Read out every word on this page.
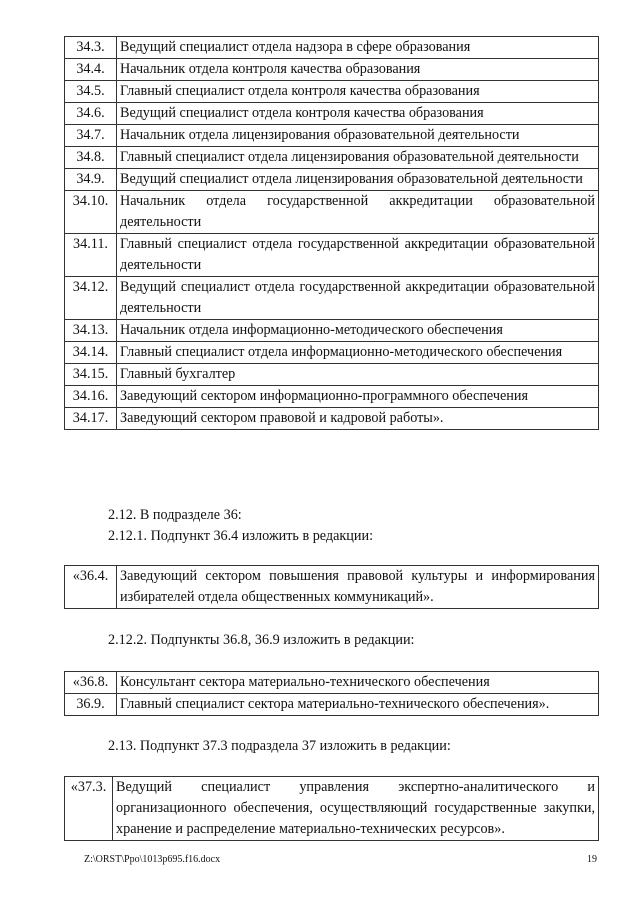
34.3.	Ведущий специалист отдела надзора в сфере образования
34.4.	Начальник отдела контроля качества образования
34.5.	Главный специалист отдела контроля качества образования
34.6.	Ведущий специалист отдела контроля качества образования
34.7.	Начальник отдела лицензирования образовательной деятельности
34.8.	Главный специалист отдела лицензирования образовательной деятельности
34.9.	Ведущий специалист отдела лицензирования образовательной деятельности
34.10.	Начальник отдела государственной аккредитации образовательной деятельности
34.11.	Главный специалист отдела государственной аккредитации образовательной деятельности
34.12.	Ведущий специалист отдела государственной аккредитации образовательной деятельности
34.13.	Начальник отдела информационно-методического обеспечения
34.14.	Главный специалист отдела информационно-методического обеспечения
34.15.	Главный бухгалтер
34.16.	Заведующий сектором информационно-программного обеспечения
34.17.	Заведующий сектором правовой и кадровой работы».
2.12. В подразделе 36:
2.12.1. Подпункт 36.4 изложить в редакции:
«36.4.	Заведующий сектором повышения правовой культуры и информирования избирателей отдела общественных коммуникаций».
2.12.2. Подпункты 36.8, 36.9 изложить в редакции:
«36.8.	Консультант сектора материально-технического обеспечения
36.9.	Главный специалист сектора материально-технического обеспечения».
2.13. Подпункт 37.3 подраздела 37 изложить в редакции:
«37.3.	Ведущий специалист управления экспертно-аналитического и организационного обеспечения, осуществляющий государственные закупки, хранение и распределение материально-технических ресурсов».
Z:\ORST\Ppo\1013p695.f16.docx	19
